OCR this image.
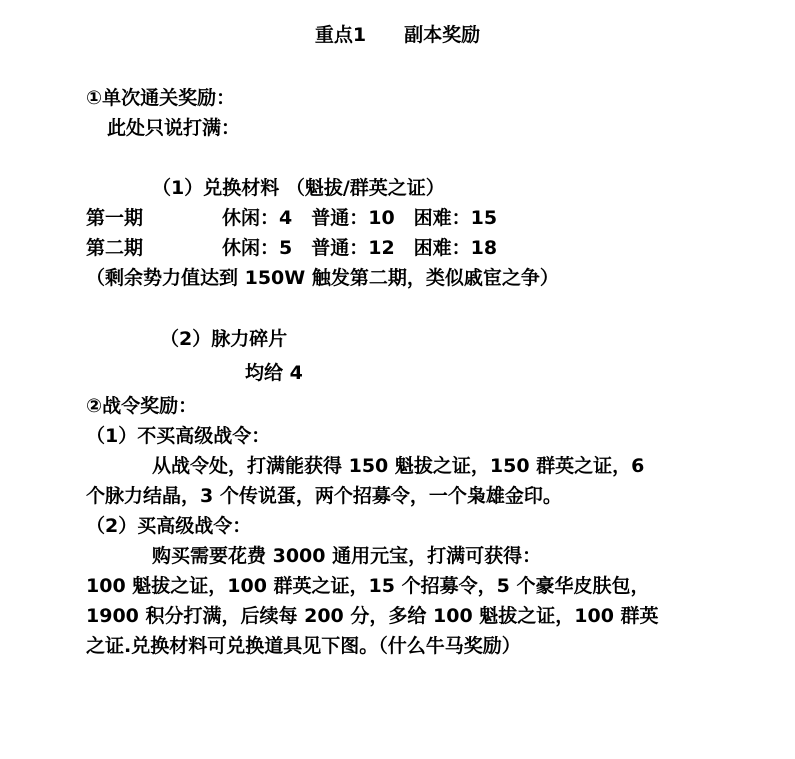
重点1　　副本奖励
①单次通关奖励：
此处只说打满：
（1）兑换材料 （魁拔/群英之证）
第一期	休闲：4　普通：10　困难：15
第二期	休闲：5　普通：12　困难：18
（剩余势力值达到 150W 触发第二期，类似戚宦之争）
（2）脉力碎片
均给 4
②战令奖励：
（1）不买高级战令：
从战令处，打满能获得 150 魁拔之证，150 群英之证，6
个脉力结晶，3 个传说蛋，两个招募令，一个枭雄金印。
（2）买高级战令：
购买需要花费 3000 通用元宝，打满可获得：
100 魁拔之证，100 群英之证，15 个招募令，5 个豪华皮肤包，
1900 积分打满，后续每 200 分，多给 100 魁拔之证，100 群英
之证.兑换材料可兑换道具见下图。（什么牛马奖励）
